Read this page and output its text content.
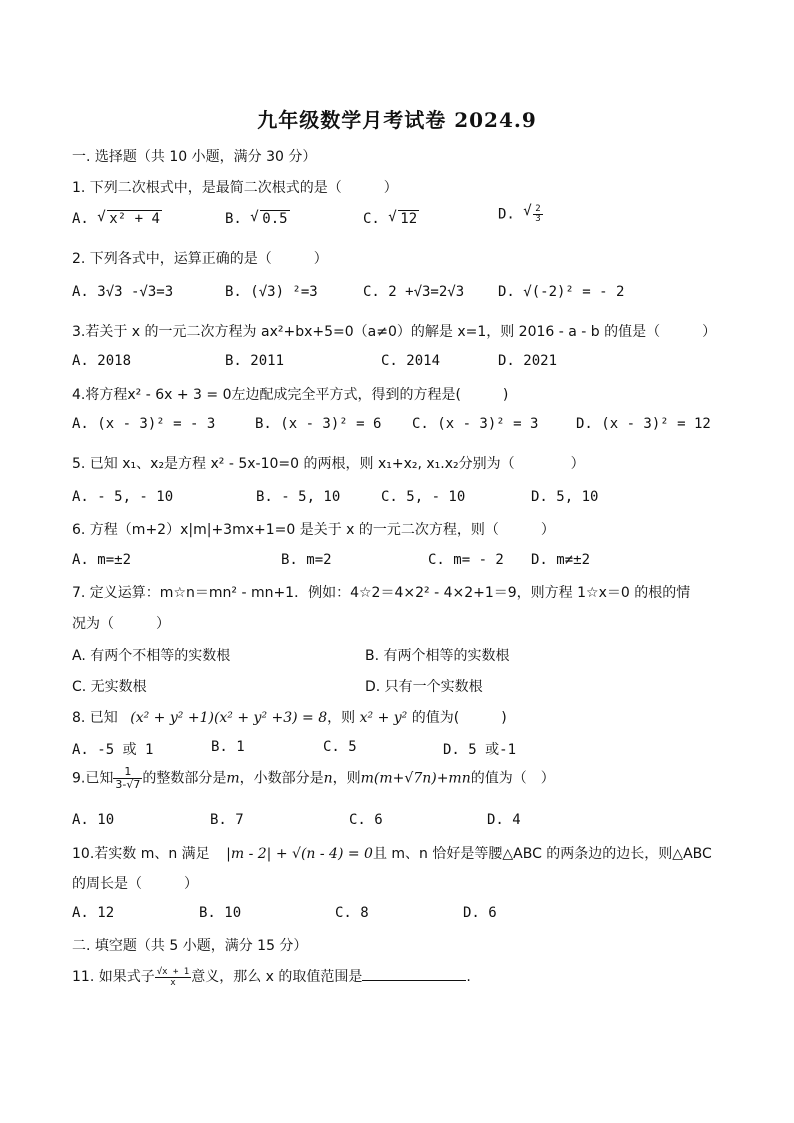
九年级数学月考试卷 2024.9
一. 选择题（共 10 小题，满分 30 分）
1. 下列二次根式中，是最简二次根式的是（　　　）
A. √ x² + 4	B. √ 0.5	C. √ 12	D. √ $\frac{2}{3}$
2. 下列各式中，运算正确的是（　　　）
A. 3√3 -√3=3	B. (√3) ²=3	C. 2 +√3=2√3 D. √(-2)² = - 2
3.若关于 x 的一元二次方程为 ax²+bx+5=0（a≠0）的解是 x=1，则 2016 - a - b 的值是（　　　）
A. 2018	B. 2011	C. 2014	D. 2021
4.将方程x² - 6x + 3 = 0左边配成完全平方式，得到的方程是(　　　)
A. (x - 3)² = - 3	B. (x - 3)² = 6 C. (x - 3)² = 3	D. (x - 3)² = 12
5. 已知 x₁、x₂是方程 x² - 5x-10=0 的两根，则 x₁+x₂, x₁.x₂分别为（　　　　）
A. - 5, - 10	B. - 5, 10	C. 5, - 10	D. 5, 10
6. 方程（m+2）x|m|+3mx+1=0 是关于 x 的一元二次方程，则（　　　）
A. m=±2	B. m=2	C. m= - 2 D. m≠±2
7. 定义运算：m☆n＝mn² - mn+1．例如：4☆2＝4×2² - 4×2+1＝9，则方程 1☆x＝0 的根的情
况为（　　　）
A. 有两个不相等的实数根	B. 有两个相等的实数根
C. 无实数根	D. 只有一个实数根
8. 已知 (x² + y² +1)(x² + y² +3) = 8，则 x² + y² 的值为(　　　)
A. -5 或 1	B. 1	C. 5	D. 5 或-1
9.已知 $\frac{1}{3-√7}$ 的整数部分是m，小数部分是n，则m(m+√7n)+mn的值为（　）
A. 10	B. 7	C. 6	D. 4
10.若实数 m、n 满足 |m - 2| + √(n - 4) = 0且 m、n 恰好是等腰△ABC 的两条边的边长，则△ABC
的周长是（　　　）
A. 12	B. 10	C. 8	D. 6
二. 填空题（共 5 小题，满分 15 分）
11. 如果式子 $\frac{√x + 1}{x}$ 意义，那么 x 的取值范围是	.
